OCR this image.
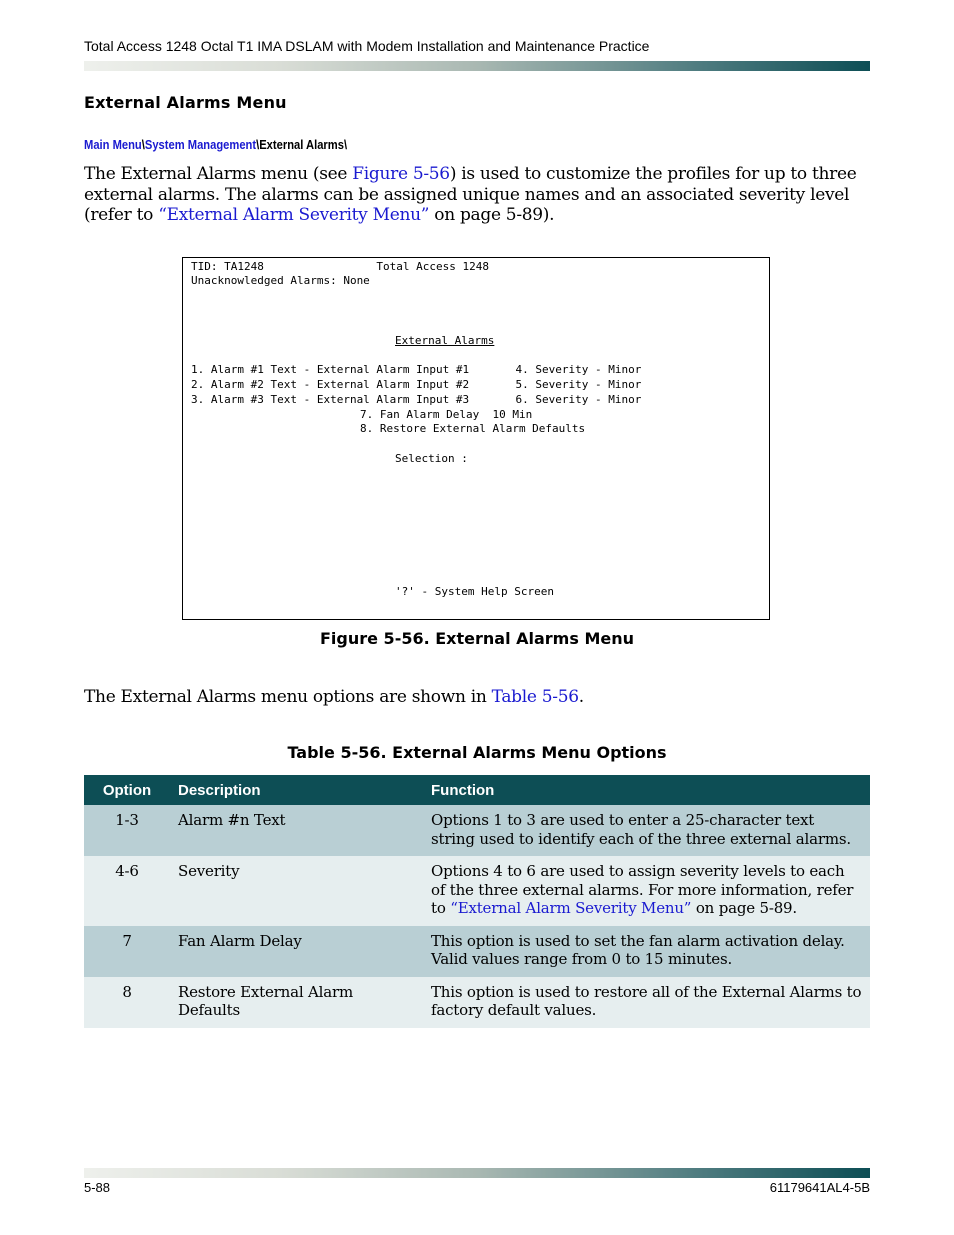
Total Access 1248 Octal T1 IMA DSLAM with Modem Installation and Maintenance Practice
External Alarms Menu
Main Menu\System Management\External Alarms\
The External Alarms menu (see Figure 5-56) is used to customize the profiles for up to three external alarms. The alarms can be assigned unique names and an associated severity level (refer to “External Alarm Severity Menu” on page 5-89).
TID: TA1248                 Total Access 1248
Unacknowledged Alarms: None
External Alarms
1. Alarm #1 Text - External Alarm Input #1       4. Severity - Minor
2. Alarm #2 Text - External Alarm Input #2       5. Severity - Minor
3. Alarm #3 Text - External Alarm Input #3       6. Severity - Minor
7. Fan Alarm Delay  10 Min
8. Restore External Alarm Defaults
Selection :
'?' - System Help Screen
Figure 5-56. External Alarms Menu
The External Alarms menu options are shown in Table 5-56.
Table 5-56. External Alarms Menu Options
Option	Description	Function
1-3	Alarm #n Text	Options 1 to 3 are used to enter a 25-character text string used to identify each of the three external alarms.
4-6	Severity	Options 4 to 6 are used to assign severity levels to each of the three external alarms. For more information, refer to “External Alarm Severity Menu” on page 5-89.
7	Fan Alarm Delay	This option is used to set the fan alarm activation delay. Valid values range from 0 to 15 minutes.
8	Restore External Alarm Defaults	This option is used to restore all of the External Alarms to factory default values.
5-88	61179641AL4-5B
